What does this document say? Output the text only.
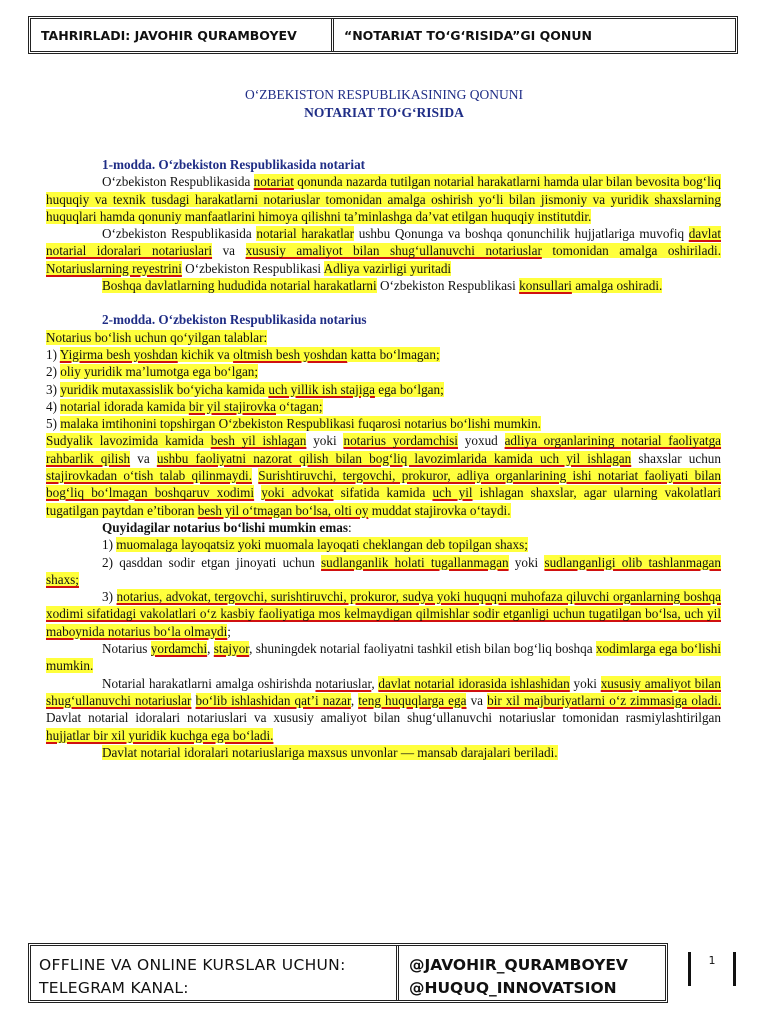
TAHRIRLADI: JAVOHIR QURAMBOYEV	“NOTARIAT TO‘G‘RISIDA”GI QONUN
O‘ZBEKISTON RESPUBLIKASINING QONUNI
NOTARIAT TO‘G‘RISIDA

1-modda. O‘zbekiston Respublikasida notariat

O‘zbekiston Respublikasida notariat qonunda nazarda tutilgan notarial harakatlarni hamda ular bilan bevosita bog‘liq huquqiy va texnik tusdagi harakatlarni notariuslar tomonidan amalga oshirish yo‘li bilan jismoniy va yuridik shaxslarning huquqlari hamda qonuniy manfaatlarini himoya qilishni ta’minlashga da’vat etilgan huquqiy institutdir.

O‘zbekiston Respublikasida notarial harakatlar ushbu Qonunga va boshqa qonunchilik hujjatlariga muvofiq davlat notarial idoralari notariuslari va xususiy amaliyot bilan shug‘ullanuvchi notariuslar tomonidan amalga oshiriladi. Notariuslarning reyestrini O‘zbekiston Respublikasi Adliya vazirligi yuritadi

Boshqa davlatlarning hududida notarial harakatlarni O‘zbekiston Respublikasi konsullari amalga oshiradi.

2-modda. O‘zbekiston Respublikasida notarius

Notarius bo‘lish uchun qo‘yilgan talablar:

1) Yigirma besh yoshdan kichik va oltmish besh yoshdan katta bo‘lmagan;

2) oliy yuridik ma’lumotga ega bo‘lgan;

3) yuridik mutaxassislik bo‘yicha kamida uch yillik ish stajiga ega bo‘lgan;

4) notarial idorada kamida bir yil stajirovka o‘tagan;

5) malaka imtihonini topshirgan O‘zbekiston Respublikasi fuqarosi notarius bo‘lishi mumkin.

Sudyalik lavozimida kamida besh yil ishlagan yoki notarius yordamchisi yoxud adliya organlarining notarial faoliyatga rahbarlik qilish va ushbu faoliyatni nazorat qilish bilan bog‘liq lavozimlarida kamida uch yil ishlagan shaxslar uchun stajirovkadan o‘tish talab qilinmaydi. Surishtiruvchi, tergovchi, prokuror, adliya organlarining ishi notariat faoliyati bilan bog‘liq bo‘lmagan boshqaruv xodimi yoki advokat sifatida kamida uch yil ishlagan shaxslar, agar ularning vakolatlari tugatilgan paytdan e’tiboran besh yil o‘tmagan bo‘lsa, olti oy muddat stajirovka o‘taydi.

Quyidagilar notarius bo‘lishi mumkin emas:

1) muomalaga layoqatsiz yoki muomala layoqati cheklangan deb topilgan shaxs;

2) qasddan sodir etgan jinoyati uchun sudlanganlik holati tugallanmagan yoki sudlanganligi olib tashlanmagan shaxs;

3) notarius, advokat, tergovchi, surishtiruvchi, prokuror, sudya yoki huquqni muhofaza qiluvchi organlarning boshqa xodimi sifatidagi vakolatlari o‘z kasbiy faoliyatiga mos kelmaydigan qilmishlar sodir etganligi uchun tugatilgan bo‘lsa, uch yil maboynida notarius bo‘la olmaydi;

Notarius yordamchi, stajyor, shuningdek notarial faoliyatni tashkil etish bilan bog‘liq boshqa xodimlarga ega bo‘lishi mumkin.

Notarial harakatlarni amalga oshirishda notariuslar, davlat notarial idorasida ishlashidan yoki xususiy amaliyot bilan shug‘ullanuvchi notariuslar bo‘lib ishlashidan qat’i nazar, teng huquqlarga ega va bir xil majburiyatlarni o‘z zimmasiga oladi. Davlat notarial idoralari notariuslari va xususiy amaliyot bilan shug‘ullanuvchi notariuslar tomonidan rasmiylashtirilgan hujjatlar bir xil yuridik kuchga ega bo‘ladi.

Davlat notarial idoralari notariuslariga maxsus unvonlar — mansab darajalari beriladi.

OFFLINE VA ONLINE KURSLAR UCHUN:
TELEGRAM KANAL:
@JAVOHIR_QURAMBOYEV
@HUQUQ_INNOVATSION
1
